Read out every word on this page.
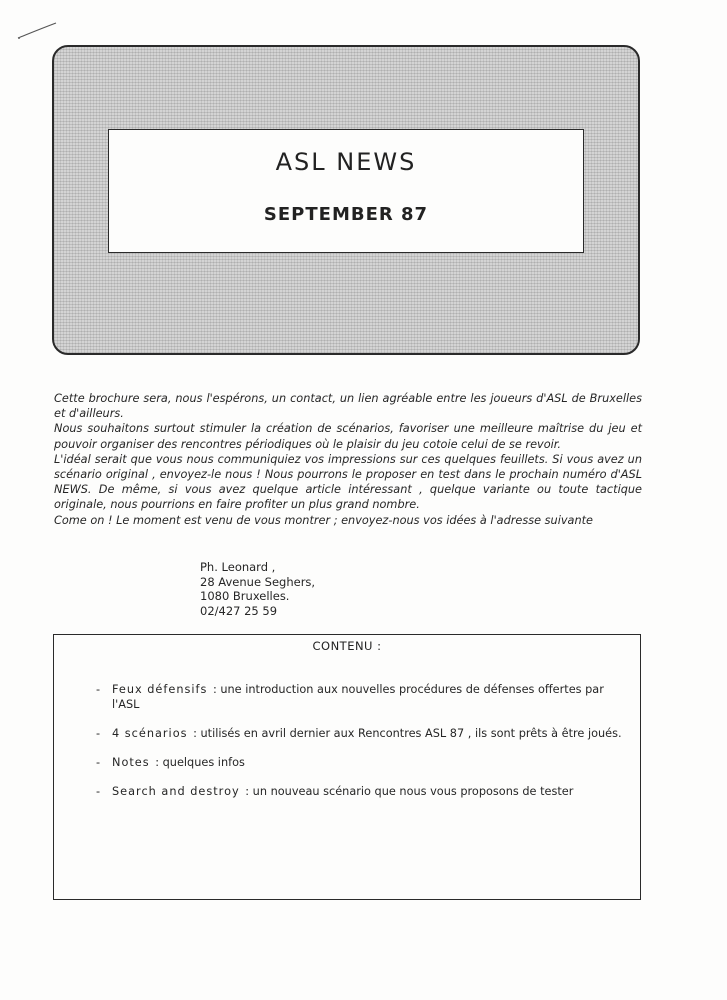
ASL NEWS
SEPTEMBER 87

Cette brochure sera, nous l'espérons, un contact, un lien agréable entre les joueurs d'ASL de Bruxelles et d'ailleurs.

Nous souhaitons surtout stimuler la création de scénarios, favoriser une meilleure maîtrise du jeu et pouvoir organiser des rencontres périodiques où le plaisir du jeu cotoie celui de se revoir.

L'idéal serait que vous nous communiquiez vos impressions sur ces quelques feuillets. Si vous avez un scénario original , envoyez-le nous ! Nous pourrons le proposer en test dans le prochain numéro d'ASL NEWS. De même, si vous avez quelque article intéressant , quelque variante ou toute tactique originale, nous pourrions en faire profiter un plus grand nombre.

Come on ! Le moment est venu de vous montrer ; envoyez-nous vos idées à l'adresse suivante

Ph. Leonard ,
28 Avenue Seghers,
1080 Bruxelles.
02/427 25 59
CONTENU :
- Feux défensifs : une introduction aux nouvelles procédures de défenses offertes par l'ASL
- 4 scénarios : utilisés en avril dernier aux Rencontres ASL 87 , ils sont prêts à être joués.
- Notes : quelques infos
- Search and destroy : un nouveau scénario que nous vous proposons de tester
